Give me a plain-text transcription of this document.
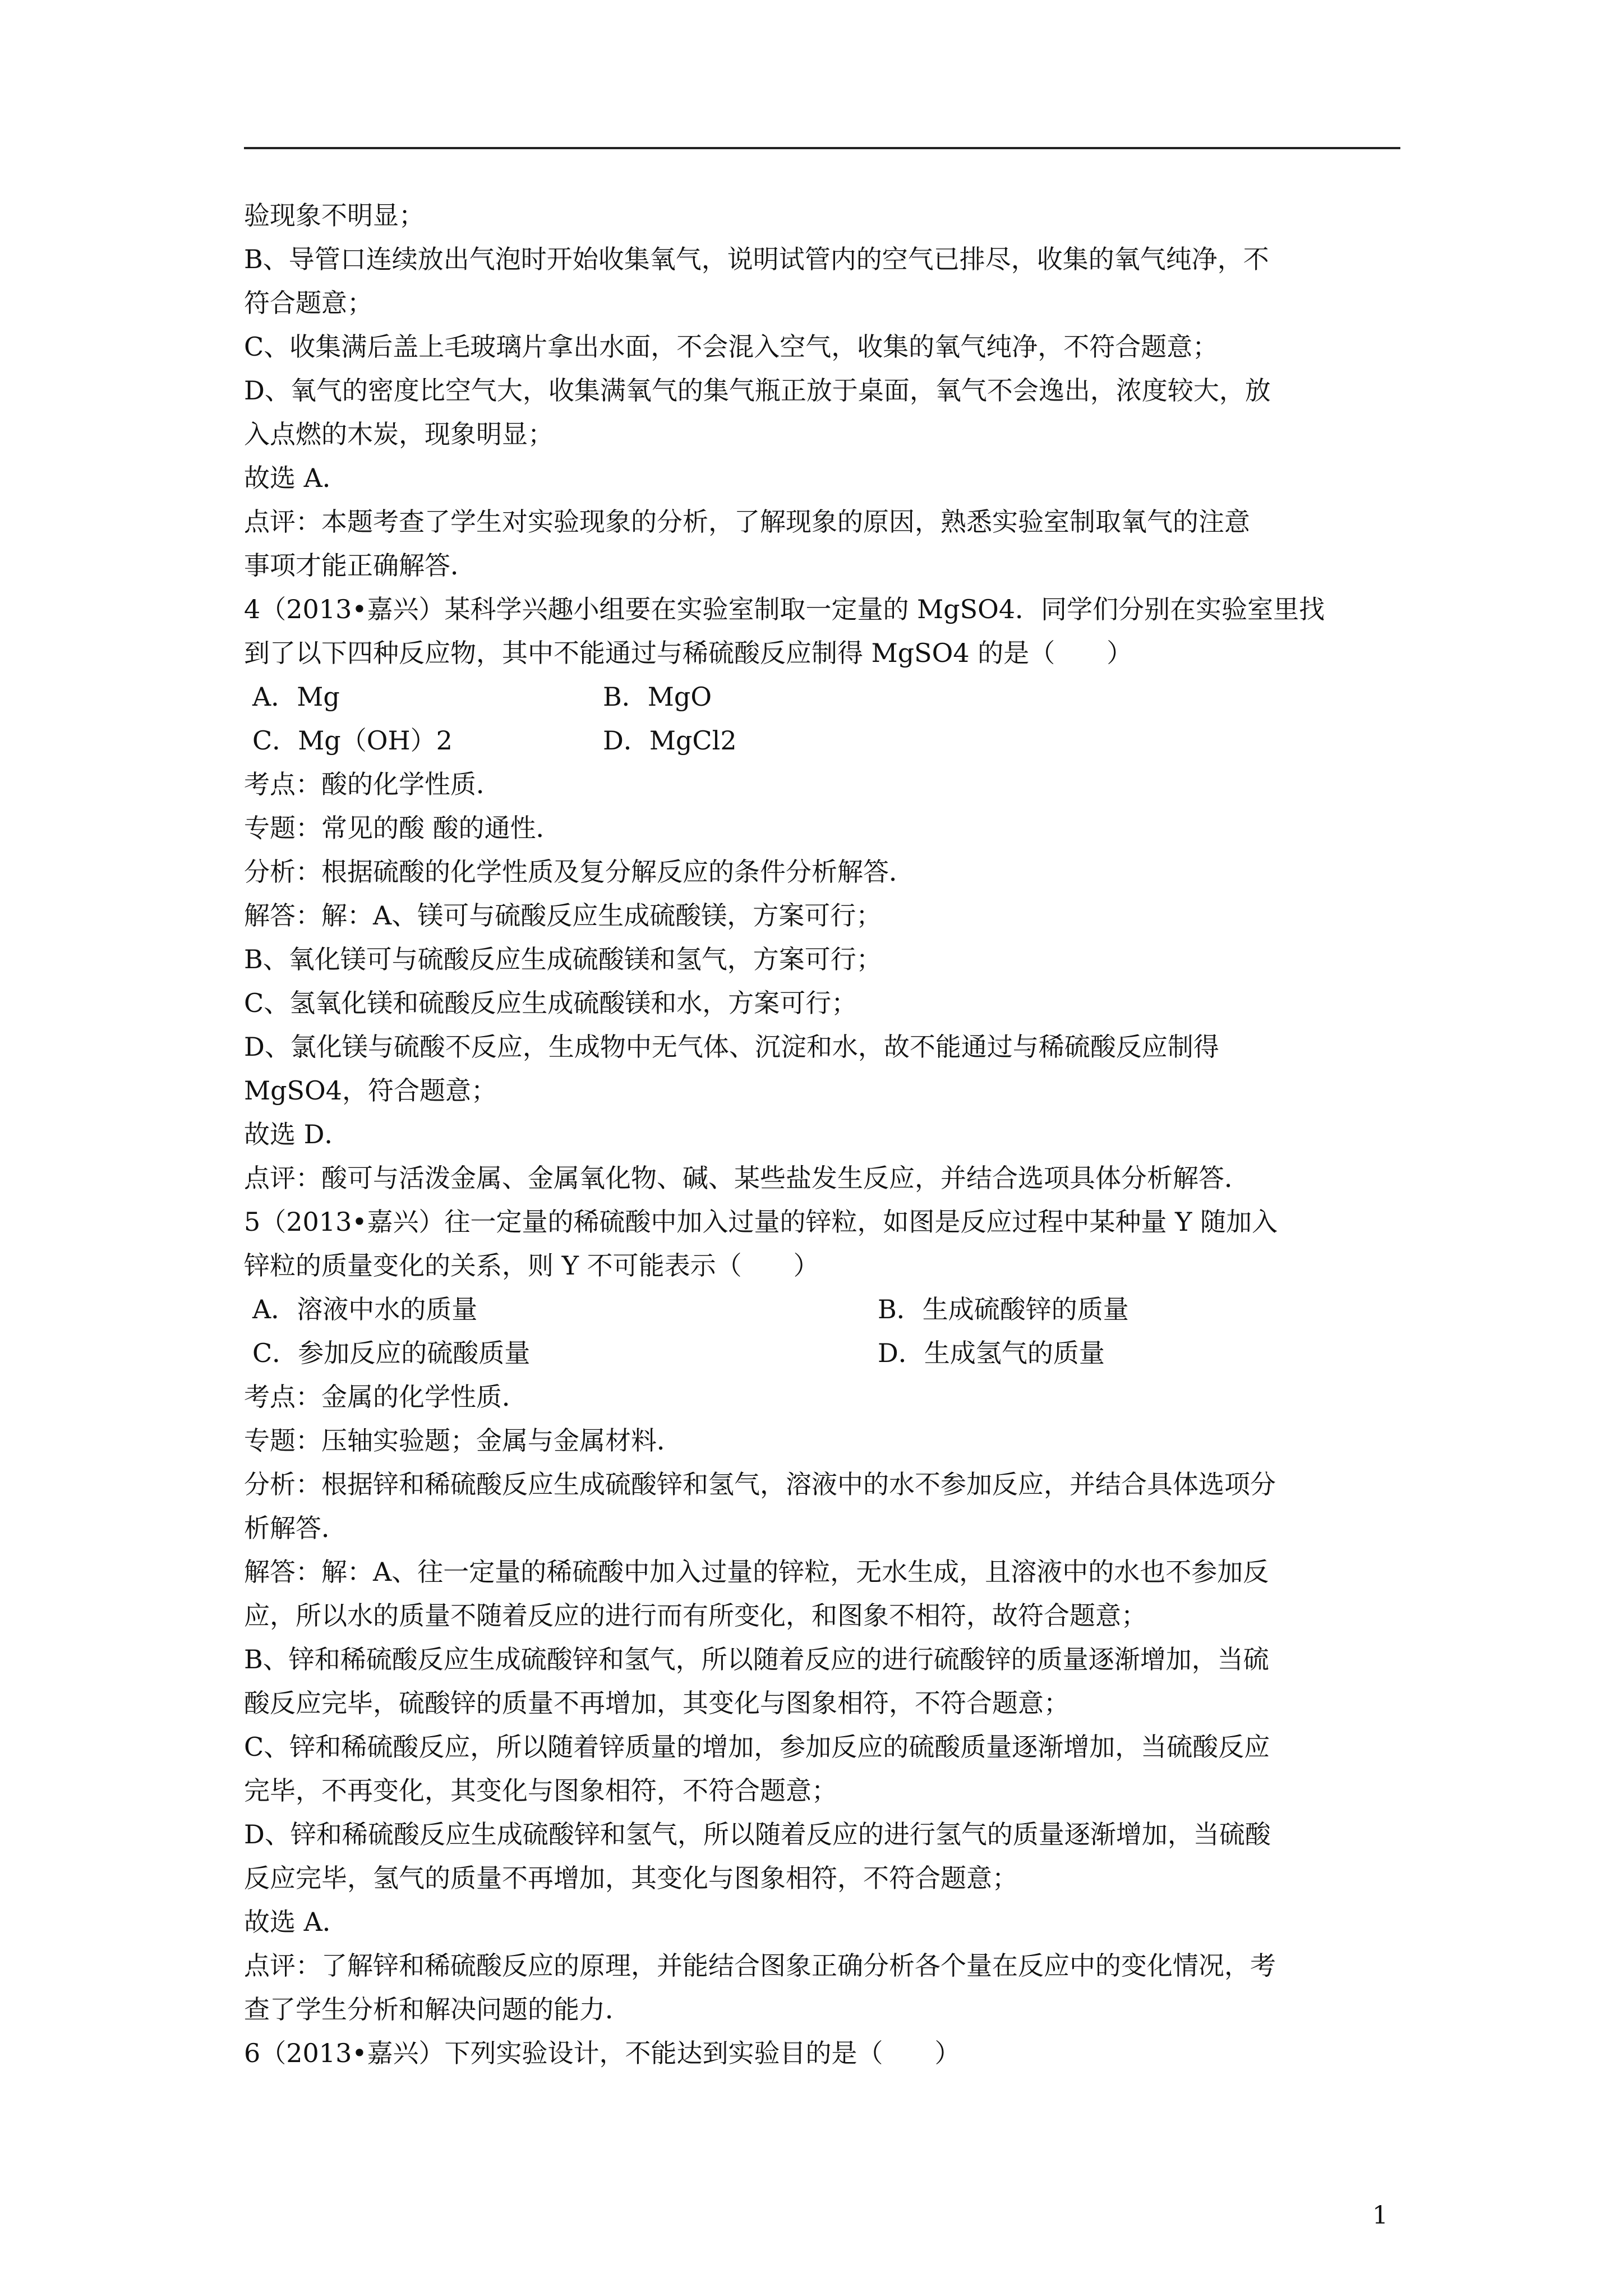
验现象不明显；
B、导管口连续放出气泡时开始收集氧气，说明试管内的空气已排尽，收集的氧气纯净，不
符合题意；
C、收集满后盖上毛玻璃片拿出水面，不会混入空气，收集的氧气纯净，不符合题意；
D、氧气的密度比空气大，收集满氧气的集气瓶正放于桌面，氧气不会逸出，浓度较大，放
入点燃的木炭，现象明显；
故选 A．
点评：本题考查了学生对实验现象的分析，了解现象的原因，熟悉实验室制取氧气的注意
事项才能正确解答．
4（2013•嘉兴）某科学兴趣小组要在实验室制取一定量的 MgSO4．同学们分别在实验室里找
到了以下四种反应物，其中不能通过与稀硫酸反应制得 MgSO4 的是（　　）
A．Mg	B．MgO
C．Mg（OH）2	D．MgCl2
考点：酸的化学性质．
专题：常见的酸 酸的通性．
分析：根据硫酸的化学性质及复分解反应的条件分析解答．
解答：解：A、镁可与硫酸反应生成硫酸镁，方案可行；
B、氧化镁可与硫酸反应生成硫酸镁和氢气，方案可行；
C、氢氧化镁和硫酸反应生成硫酸镁和水，方案可行；
D、氯化镁与硫酸不反应，生成物中无气体、沉淀和水，故不能通过与稀硫酸反应制得
MgSO4，符合题意；
故选 D．
点评：酸可与活泼金属、金属氧化物、碱、某些盐发生反应，并结合选项具体分析解答．
5（2013•嘉兴）往一定量的稀硫酸中加入过量的锌粒，如图是反应过程中某种量 Y 随加入
锌粒的质量变化的关系，则 Y 不可能表示（　　）
A．溶液中水的质量	B．生成硫酸锌的质量
C．参加反应的硫酸质量	D．生成氢气的质量
考点：金属的化学性质．
专题：压轴实验题；金属与金属材料．
分析：根据锌和稀硫酸反应生成硫酸锌和氢气，溶液中的水不参加反应，并结合具体选项分
析解答．
解答：解：A、往一定量的稀硫酸中加入过量的锌粒，无水生成，且溶液中的水也不参加反
应，所以水的质量不随着反应的进行而有所变化，和图象不相符，故符合题意；
B、锌和稀硫酸反应生成硫酸锌和氢气，所以随着反应的进行硫酸锌的质量逐渐增加，当硫
酸反应完毕，硫酸锌的质量不再增加，其变化与图象相符，不符合题意；
C、锌和稀硫酸反应，所以随着锌质量的增加，参加反应的硫酸质量逐渐增加，当硫酸反应
完毕，不再变化，其变化与图象相符，不符合题意；
D、锌和稀硫酸反应生成硫酸锌和氢气，所以随着反应的进行氢气的质量逐渐增加，当硫酸
反应完毕，氢气的质量不再增加，其变化与图象相符，不符合题意；
故选 A．
点评：了解锌和稀硫酸反应的原理，并能结合图象正确分析各个量在反应中的变化情况，考
查了学生分析和解决问题的能力．
6（2013•嘉兴）下列实验设计，不能达到实验目的是（　　）
1
